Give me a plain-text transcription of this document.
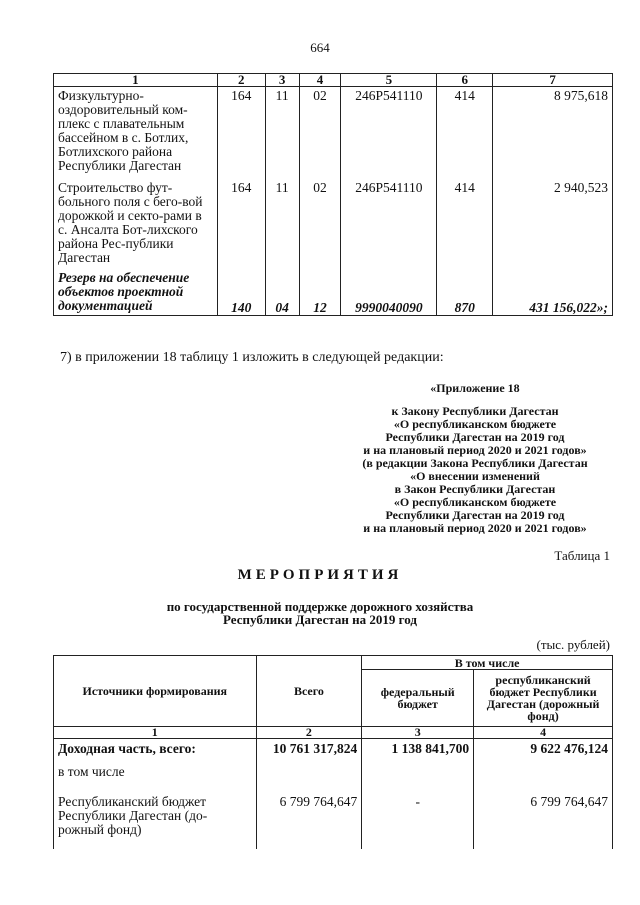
664
1	2	3	4	5	6	7
Физкультурно-оздоровительный ком-плекс с плавательным бассейном в с. Ботлих, Ботлихского района Республики Дагестан	164	11	02	246Р541110	414	8 975,618
Строительство фут-больного поля с бего-вой дорожкой и секто-рами в с. Ансалта Бот-лихского района Рес-публики Дагестан	164	11	02	246Р541110	414	2 940,523
Резерв на обеспечение объектов проектной документацией	140	04	12	9990040090	870	431 156,022»;
7) в приложении 18 таблицу 1 изложить в следующей редакции:
«Приложение 18
к Закону Республики Дагестан
«О республиканском бюджете
Республики Дагестан на 2019 год
и на плановый период 2020 и 2021 годов»
(в редакции Закона Республики Дагестан
«О внесении изменений
в Закон Республики Дагестан
«О республиканском бюджете
Республики Дагестан на 2019 год
и на плановый период 2020 и 2021 годов»
Таблица 1
МЕРОПРИЯТИЯ
по государственной поддержке дорожного хозяйства
Республики Дагестан на 2019 год
(тыс. рублей)
Источники формирования	Всего	В том числе	
		федеральный бюджет	республиканский бюджет Республики Дагестан (дорожный фонд)
1	2	3	4
Доходная часть, всего:	10 761 317,824	1 138 841,700	9 622 476,124
в том числе			
Республиканский бюджет Республики Дагестан (до-рожный фонд)	6 799 764,647	-	6 799 764,647
